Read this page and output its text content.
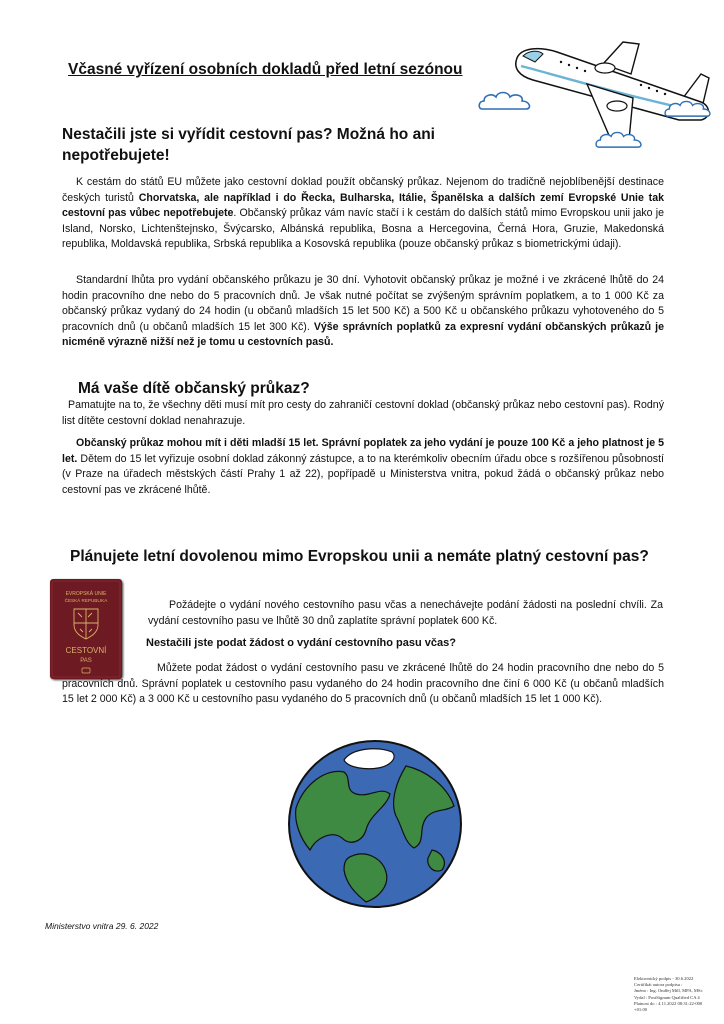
Včasné vyřízení osobních dokladů před letní sezónou
Nestačili jste si vyřídit cestovní pas? Možná ho ani nepotřebujete!
K cestám do států EU můžete jako cestovní doklad použít občanský průkaz. Nejenom do tradičně nejoblíbenější destinace českých turistů Chorvatska, ale například i do Řecka, Bulharska, Itálie, Španělska a dalších zemí Evropské Unie tak cestovní pas vůbec nepotřebujete. Občanský průkaz vám navíc stačí i k cestám do dalších států mimo Evropskou unii jako je Island, Norsko, Lichtenštejnsko, Švýcarsko, Albánská republika, Bosna a Hercegovina, Černá Hora, Gruzie, Makedonská republika, Moldavská republika, Srbská republika a Kosovská republika (pouze občanský průkaz s biometrickými údaji).
Standardní lhůta pro vydání občanského průkazu je 30 dní. Vyhotovit občanský průkaz je možné i ve zkrácené lhůtě do 24 hodin pracovního dne nebo do 5 pracovních dnů. Je však nutné počítat se zvýšeným správním poplatkem, a to 1 000 Kč za občanský průkaz vydaný do 24 hodin (u občanů mladších 15 let 500 Kč) a 500 Kč u občanského průkazu vyhotoveného do 5 pracovních dnů (u občanů mladších 15 let 300 Kč). Výše správních poplatků za expresní vydání občanských průkazů je nicméně výrazně nižší než je tomu u cestovních pasů.
Má vaše dítě občanský průkaz?
Pamatujte na to, že všechny děti musí mít pro cesty do zahraničí cestovní doklad (občanský průkaz nebo cestovní pas). Rodný list dítěte cestovní doklad nenahrazuje.
Občanský průkaz mohou mít i děti mladší 15 let. Správní poplatek za jeho vydání je pouze 100 Kč a jeho platnost je 5 let. Dětem do 15 let vyřizuje osobní doklad zákonný zástupce, a to na kterémkoliv obecním úřadu obce s rozšířenou působností (v Praze na úřadech městských částí Prahy 1 až 22), popřípadě u Ministerstva vnitra, pokud žádá o občanský průkaz nebo cestovní pas ve zkrácené lhůtě.
Plánujete letní dovolenou mimo Evropskou unii a nemáte platný cestovní pas?
EVROPSKÁ UNIE
ČESKÁ REPUBLIKA
CESTOVNÍ
PAS
Požádejte o vydání nového cestovního pasu včas a nenechávejte podání žádosti na poslední chvíli. Za vydání cestovního pasu ve lhůtě 30 dnů zaplatíte správní poplatek 600 Kč.
Nestačili jste podat žádost o vydání cestovního pasu včas?
Můžete podat žádost o vydání cestovního pasu ve zkrácené lhůtě do 24 hodin pracovního dne nebo do 5 pracovních dnů. Správní poplatek u cestovního pasu vydaného do 24 hodin pracovního dne činí 6 000 Kč (u občanů mladších 15 let 2 000 Kč) a 3 000 Kč u cestovního pasu vydaného do 5 pracovních dnů (u občanů mladších 15 let 1 000 Kč).
Ministerstvo vnitra 29. 6. 2022
Elektronický podpis - 30.6.2022
Certifikát autora podpisu :
Jméno : Ing. Ondřej Mill, MPA, MSc
Vydal : PostSignum Qualified CA 4
Platnost do : 4.11.2022 08:31:22-000 +01:00
